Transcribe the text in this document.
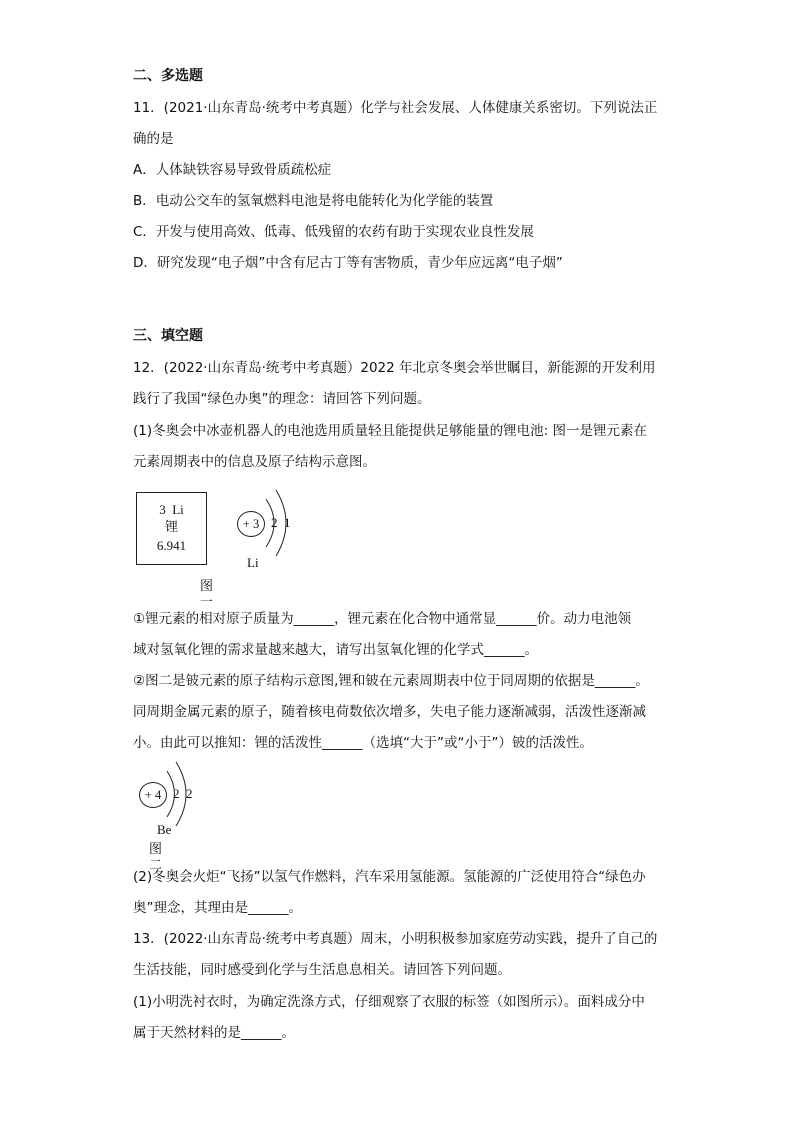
二、多选题
11．(2021·山东青岛·统考中考真题）化学与社会发展、人体健康关系密切。下列说法正
确的是
A．人体缺铁容易导致骨质疏松症
B．电动公交车的氢氧燃料电池是将电能转化为化学能的装置
C．开发与使用高效、低毒、低残留的农药有助于实现农业良性发展
D．研究发现“电子烟”中含有尼古丁等有害物质，青少年应远离“电子烟”
三、填空题
12．(2022·山东青岛·统考中考真题）2022 年北京冬奥会举世瞩目，新能源的开发利用
践行了我国“绿色办奥”的理念：请回答下列问题。
(1)冬奥会中冰壶机器人的电池选用质量轻且能提供足够能量的锂电池: 图一是锂元素在
元素周期表中的信息及原子结构示意图。
3 Li
锂
6.941
+ 3 2 1
Li
图一
①锂元素的相对原子质量为______，锂元素在化合物中通常显______价。动力电池领
域对氢氧化锂的需求量越来越大，请写出氢氧化锂的化学式______。
②图二是铍元素的原子结构示意图,锂和铍在元素周期表中位于同周期的依据是______。
同周期金属元素的原子，随着核电荷数依次增多，失电子能力逐渐减弱，活泼性逐渐减
小。由此可以推知：锂的活泼性______（选填“大于”或“小于”）铍的活泼性。
+ 4 2 2
Be
图二
(2)冬奥会火炬“飞扬”以氢气作燃料，汽车采用氢能源。氢能源的广泛使用符合“绿色办
奥”理念，其理由是______。
13．(2022·山东青岛·统考中考真题）周末，小明积极参加家庭劳动实践，提升了自己的
生活技能，同时感受到化学与生活息息相关。请回答下列问题。
(1)小明洗衬衣时，为确定洗涤方式，仔细观察了衣服的标签（如图所示）。面料成分中
属于天然材料的是______。
